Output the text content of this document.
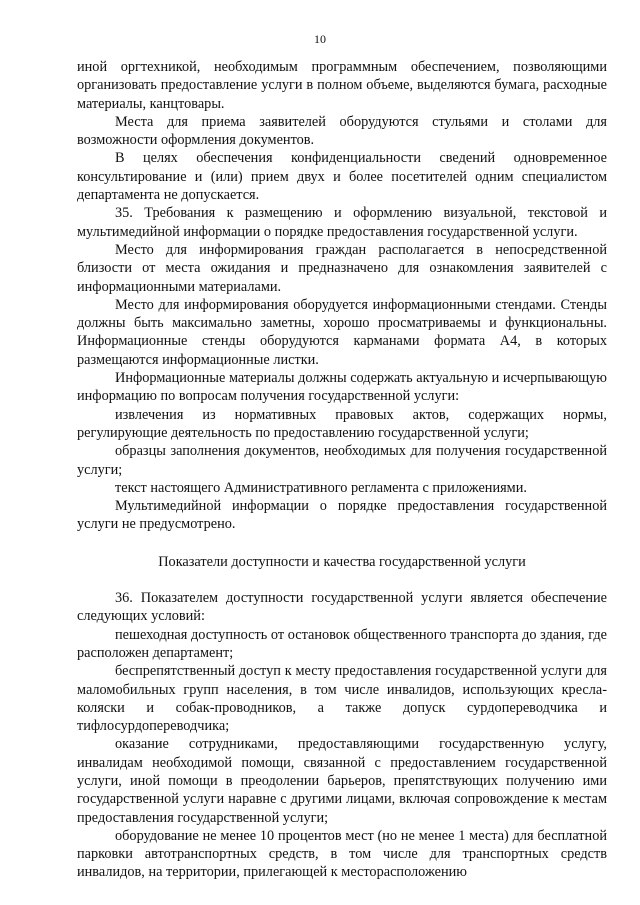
10

иной оргтехникой, необходимым программным обеспечением, позволяющими организовать предоставление услуги в полном объеме, выделяются бумага, расходные материалы, канцтовары.

Места для приема заявителей оборудуются стульями и столами для возможности оформления документов.

В целях обеспечения конфиденциальности сведений одновременное консультирование и (или) прием двух и более посетителей одним специалистом департамента не допускается.

35. Требования к размещению и оформлению визуальной, текстовой и мультимедийной информации о порядке предоставления государственной услуги.

Место для информирования граждан располагается в непосредственной близости от места ожидания и предназначено для ознакомления заявителей с информационными материалами.

Место для информирования оборудуется информационными стендами. Стенды должны быть максимально заметны, хорошо просматриваемы и функциональны. Информационные стенды оборудуются карманами формата А4, в которых размещаются информационные листки.

Информационные материалы должны содержать актуальную и исчерпывающую информацию по вопросам получения государственной услуги:

извлечения из нормативных правовых актов, содержащих нормы, регулирующие деятельность по предоставлению государственной услуги;

образцы заполнения документов, необходимых для получения государственной услуги;

текст настоящего Административного регламента с приложениями.

Мультимедийной информации о порядке предоставления государственной услуги не предусмотрено.

Показатели доступности и качества государственной услуги

36. Показателем доступности государственной услуги является обеспечение следующих условий:

пешеходная доступность от остановок общественного транспорта до здания, где расположен департамент;

беспрепятственный доступ к месту предоставления государственной услуги для маломобильных групп населения, в том числе инвалидов, использующих кресла-коляски и собак-проводников, а также допуск сурдопереводчика и тифлосурдопереводчика;

оказание сотрудниками, предоставляющими государственную услугу, инвалидам необходимой помощи, связанной с предоставлением государственной услуги, иной помощи в преодолении барьеров, препятствующих получению ими государственной услуги наравне с другими лицами, включая сопровождение к местам предоставления государственной услуги;

оборудование не менее 10 процентов мест (но не менее 1 места) для бесплатной парковки автотранспортных средств, в том числе для транспортных средств инвалидов, на территории, прилегающей к месторасположению
